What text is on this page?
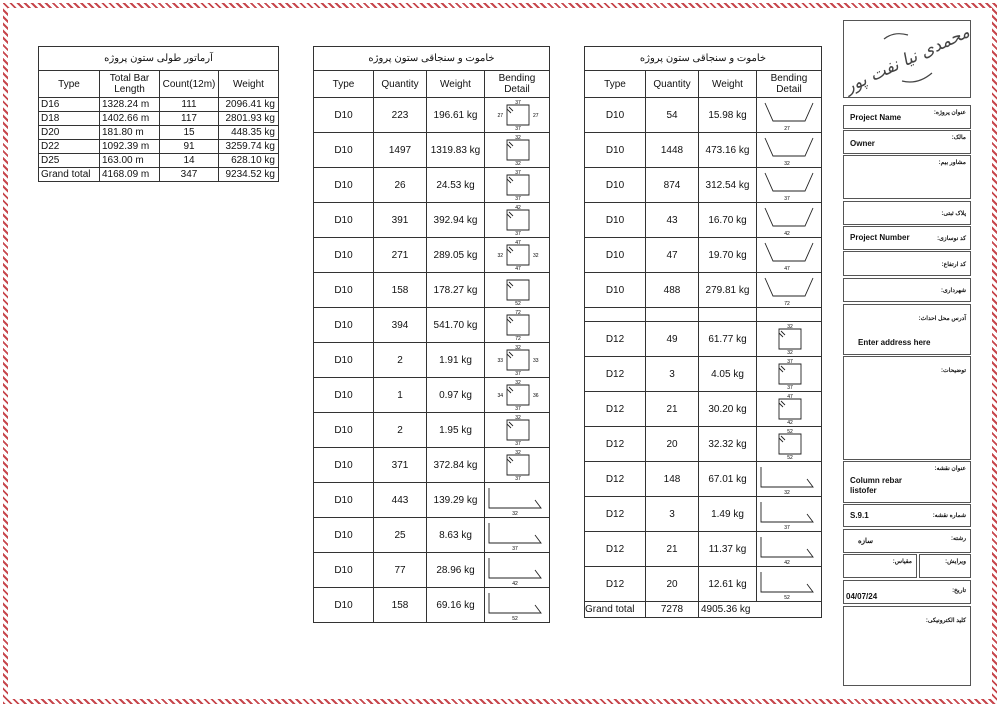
آرماتور طولی ستون پروژه			
Type	Total Bar Length	Count(12m)	Weight
D16	1328.24 m	111	2096.41 kg
D18	1402.66 m	117	2801.93 kg
D20	181.80 m	15	448.35 kg
D22	1092.39 m	91	3259.74 kg
D25	163.00 m	14	628.10 kg
Grand total	4168.09 m	347	9234.52 kg
خاموت و سنجاقی ستون پروژه			
Type	Quantity	Weight	Bending Detail
D10	223	196.61 kg	37
27 27
37

D10	1497	1319.83 kg	32
32

D10	26	24.53 kg	37
37

D10	391	392.94 kg	42
37

D10	271	289.05 kg	47
32 32
47

D10	158	178.27 kg	52

D10	394	541.70 kg	72
72

D10	2	1.91 kg	32
33 33
37

D10	1	0.97 kg	32
34 36
37

D10	2	1.95 kg	32
37

D10	371	372.84 kg	32
37

D10	443	139.29 kg	32

D10	25	8.63 kg	37

D10	77	28.96 kg	42

D10	158	69.16 kg	52
خاموت و سنجاقی ستون پروژه			
Type	Quantity	Weight	Bending Detail
D10	54	15.98 kg	27

D10	1448	473.16 kg	32

D10	874	312.54 kg	37

D10	43	16.70 kg	42

D10	47	19.70 kg	47

D10	488	279.81 kg	72

D12	49	61.77 kg	32
32

D12	3	4.05 kg	37
37

D12	21	30.20 kg	47
42

D12	20	32.32 kg	52
52

D12	148	67.01 kg	32

D12	3	1.49 kg	37

D12	21	11.37 kg	42

D12	20	12.61 kg	52

Grand total	7278	4905.36 kg	
محمدی نیا نفت پور
عنوان پروژه:
Project Name
مالک:
Owner
مشاور بیم:
پلاک ثبتی:
کد نوسازی:
Project Number
کد ارتفاع:
شهرداری:
آدرس محل احداث:
Enter address here
توضیحات:
عنوان نقشه:
Column rebar listofer
شماره نقشه:
S.9.1
رشته:
سازه
مقیاس:	ویرایش:
تاریخ:
04/07/24
کلید الکترونیکی:
